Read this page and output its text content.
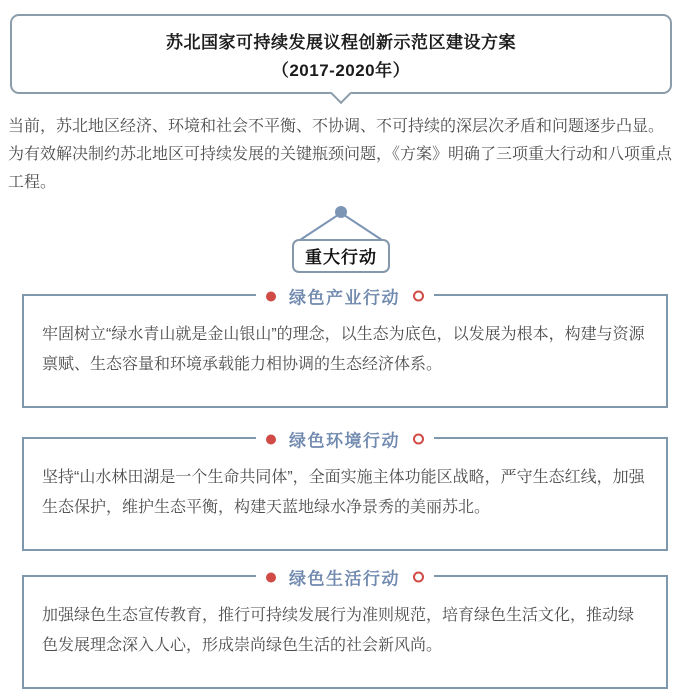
苏北国家可持续发展议程创新示范区建设方案
（2017-2020年）

当前，苏北地区经济、环境和社会不平衡、不协调、不可持续的深层次矛盾和问题逐步凸显。为有效解决制约苏北地区可持续发展的关键瓶颈问题，《方案》明确了三项重大行动和八项重点工程。

重大行动
绿色产业行动
牢固树立“绿水青山就是金山银山”的理念，以生态为底色，以发展为根本，构建与资源禀赋、生态容量和环境承载能力相协调的生态经济体系。
绿色环境行动
坚持“山水林田湖是一个生命共同体”，全面实施主体功能区战略，严守生态红线，加强生态保护，维护生态平衡，构建天蓝地绿水净景秀的美丽苏北。
绿色生活行动
加强绿色生态宣传教育，推行可持续发展行为准则规范，培育绿色生活文化，推动绿色发展理念深入人心，形成崇尚绿色生活的社会新风尚。
